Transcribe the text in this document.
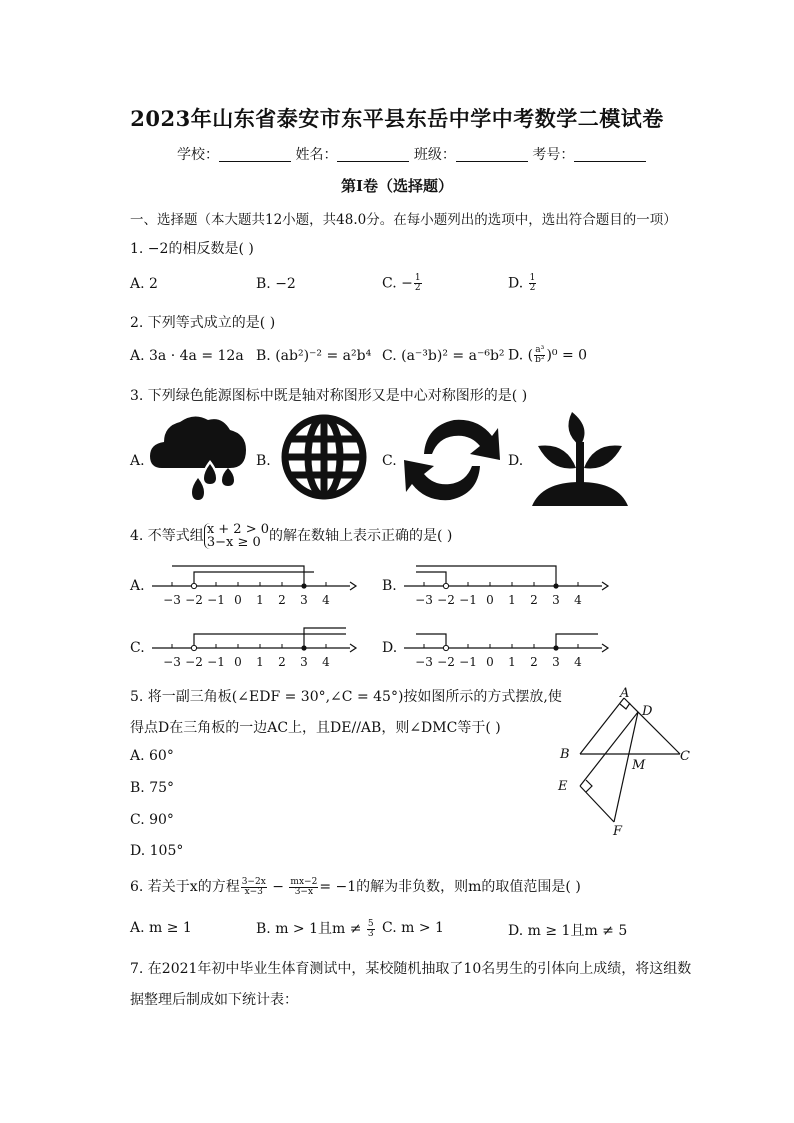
2023年山东省泰安市东平县东岳中学中考数学二模试卷
学校：	姓名：	班级：	考号：
第Ⅰ卷（选择题）
一、选择题（本大题共12小题，共48.0分。在每小题列出的选项中，选出符合题目的一项）
1. −2的相反数是( )
A. 2	B. −2	C. − $\frac{1}{2}$	D. $\frac{1}{2}$
2. 下列等式成立的是( )
A. 3a · 4a = 12a B. (ab²)⁻² = a²b⁴ C. (a⁻³b)² = a⁻⁶b² D. ( $\frac{\text{a³}}{\text{b²}} )^0 = 0$
3. 下列绿色能源图标中既是轴对称图形又是中心对称图形的是( )
A.	B.	C.	D.
4. 不等式组 x + 2 > 0
3−x ≥ 0 的解在数轴上表示正确的是( )
A.	B.
C.	D.
−3 −2 −1 0 1 2 3 4	−3 −2 −1 0 1 2 3 4
−3 −2 −1 0 1 2 3 4	−3 −2 −1 0 1 2 3 4
5. 将一副三角板(∠EDF = 30°,∠C = 45°)按如图所示的方式摆放,使
得点D在三角板的一边AC上，且DE//AB，则∠DMC等于( )
A. 60°
B. 75°
C. 90°
D. 105°
A
D
B
M
C
E
F
6. 若关于x的方程 $\frac{3-2x}{x-3} - \frac{mx-2}{3-x} = -1$的解为非负数，则m的取值范围是( )
A. m ≥ 1	B. m > 1且$m \ne \frac{5}{3} C$. m > 1	D. m ≥ 1且m ≠ 5
7. 在2021年初中毕业生体育测试中，某校随机抽取了10名男生的引体向上成绩，将这组数
据整理后制成如下统计表：
